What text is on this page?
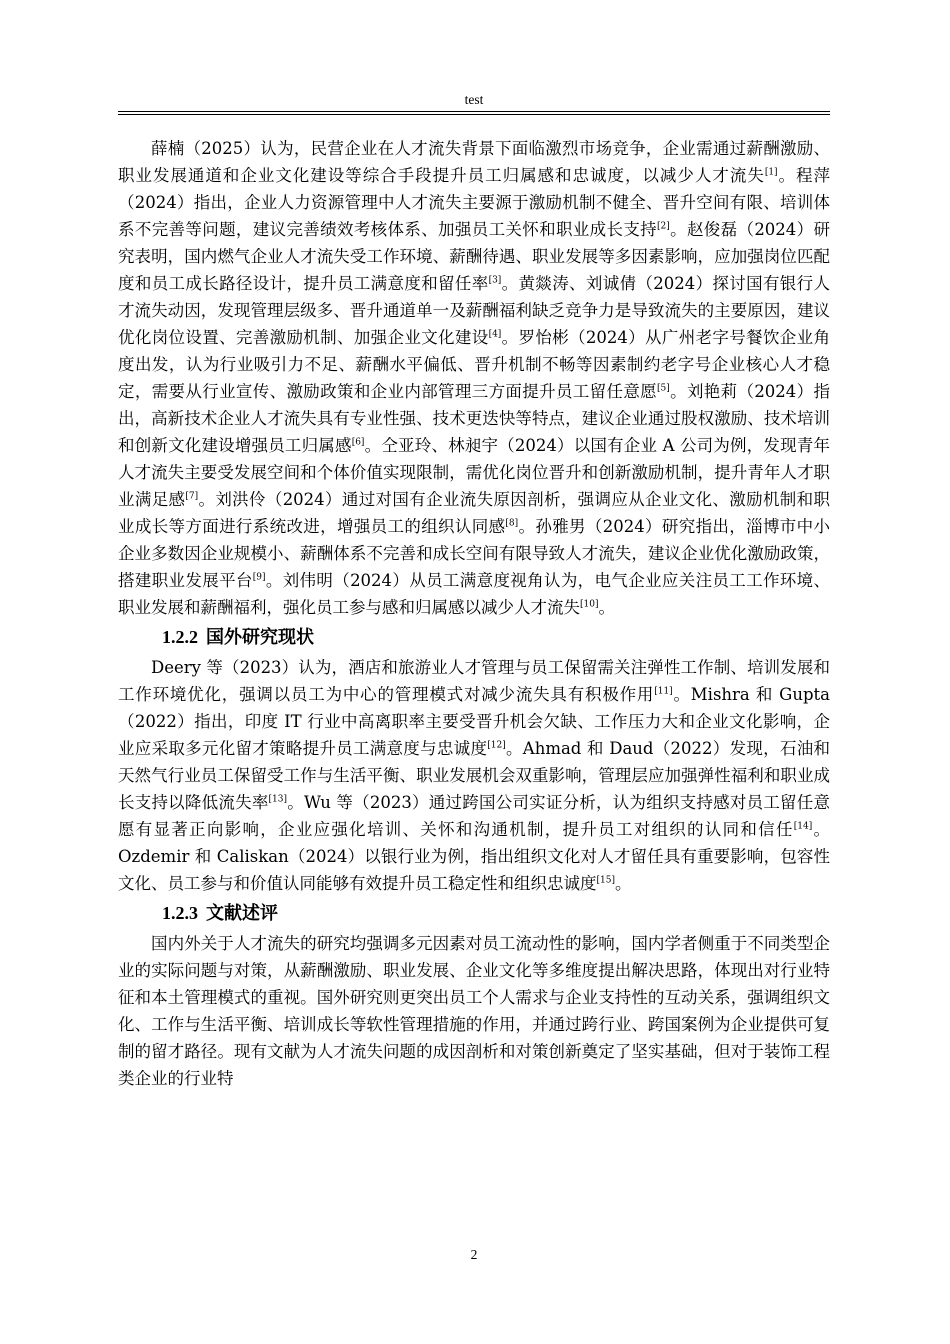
test

薛楠（2025）认为，民营企业在人才流失背景下面临激烈市场竞争，企业需通过薪酬激励、职业发展通道和企业文化建设等综合手段提升员工归属感和忠诚度，以减少人才流失[1]。程萍（2024）指出，企业人力资源管理中人才流失主要源于激励机制不健全、晋升空间有限、培训体系不完善等问题，建议完善绩效考核体系、加强员工关怀和职业成长支持[2]。赵俊磊（2024）研究表明，国内燃气企业人才流失受工作环境、薪酬待遇、职业发展等多因素影响，应加强岗位匹配度和员工成长路径设计，提升员工满意度和留任率[3]。黄燚涛、刘诚倩（2024）探讨国有银行人才流失动因，发现管理层级多、晋升通道单一及薪酬福利缺乏竞争力是导致流失的主要原因，建议优化岗位设置、完善激励机制、加强企业文化建设[4]。罗怡彬（2024）从广州老字号餐饮企业角度出发，认为行业吸引力不足、薪酬水平偏低、晋升机制不畅等因素制约老字号企业核心人才稳定，需要从行业宣传、激励政策和企业内部管理三方面提升员工留任意愿[5]。刘艳莉（2024）指出，高新技术企业人才流失具有专业性强、技术更迭快等特点，建议企业通过股权激励、技术培训和创新文化建设增强员工归属感[6]。仝亚玲、林昶宇（2024）以国有企业 A 公司为例，发现青年人才流失主要受发展空间和个体价值实现限制，需优化岗位晋升和创新激励机制，提升青年人才职业满足感[7]。刘洪伶（2024）通过对国有企业流失原因剖析，强调应从企业文化、激励机制和职业成长等方面进行系统改进，增强员工的组织认同感[8]。孙雅男（2024）研究指出，淄博市中小企业多数因企业规模小、薪酬体系不完善和成长空间有限导致人才流失，建议企业优化激励政策，搭建职业发展平台[9]。刘伟明（2024）从员工满意度视角认为，电气企业应关注员工工作环境、职业发展和薪酬福利，强化员工参与感和归属感以减少人才流失[10]。

1.2.2 国外研究现状

Deery 等（2023）认为，酒店和旅游业人才管理与员工保留需关注弹性工作制、培训发展和工作环境优化，强调以员工为中心的管理模式对减少流失具有积极作用[11]。Mishra 和 Gupta（2022）指出，印度 IT 行业中高离职率主要受晋升机会欠缺、工作压力大和企业文化影响，企业应采取多元化留才策略提升员工满意度与忠诚度[12]。Ahmad 和 Daud（2022）发现，石油和天然气行业员工保留受工作与生活平衡、职业发展机会双重影响，管理层应加强弹性福利和职业成长支持以降低流失率[13]。Wu 等（2023）通过跨国公司实证分析，认为组织支持感对员工留任意愿有显著正向影响，企业应强化培训、关怀和沟通机制，提升员工对组织的认同和信任[14]。Ozdemir 和 Caliskan（2024）以银行业为例，指出组织文化对人才留任具有重要影响，包容性文化、员工参与和价值认同能够有效提升员工稳定性和组织忠诚度[15]。

1.2.3 文献述评

国内外关于人才流失的研究均强调多元因素对员工流动性的影响，国内学者侧重于不同类型企业的实际问题与对策，从薪酬激励、职业发展、企业文化等多维度提出解决思路，体现出对行业特征和本土管理模式的重视。国外研究则更突出员工个人需求与企业支持性的互动关系，强调组织文化、工作与生活平衡、培训成长等软性管理措施的作用，并通过跨行业、跨国案例为企业提供可复制的留才路径。现有文献为人才流失问题的成因剖析和对策创新奠定了坚实基础，但对于装饰工程类企业的行业特

2
